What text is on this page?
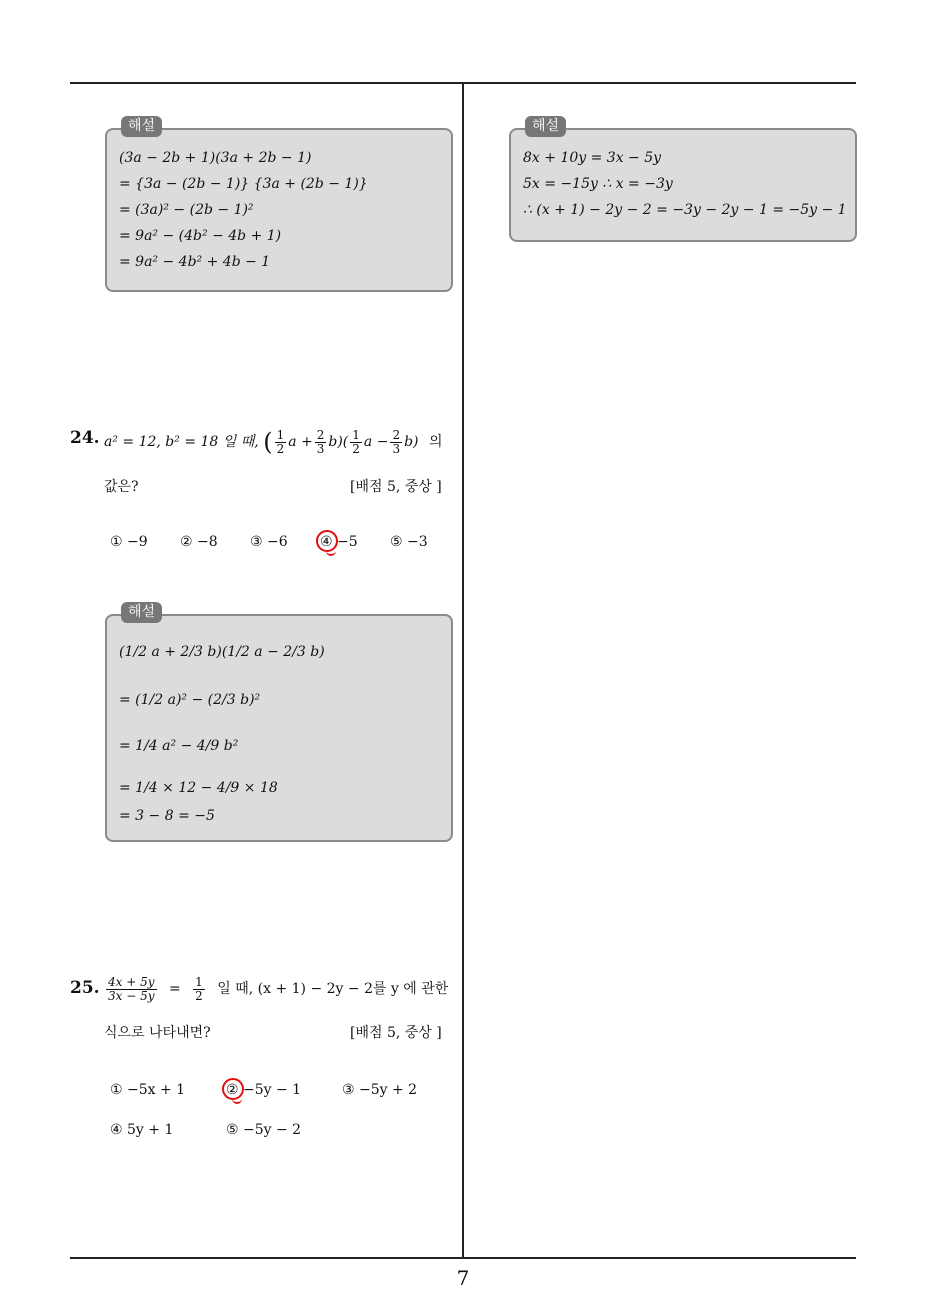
해설
(3a − 2b + 1)(3a + 2b − 1)
= {3a − (2b − 1)} {3a + (2b − 1)}
= (3a)² − (2b − 1)²
= 9a² − (4b² − 4b + 1)
= 9a² − 4b² + 4b − 1
해설
8x + 10y = 3x − 5y
5x = −15y ∴ x = −3y
∴ (x + 1) − 2y − 2 = −3y − 2y − 1 = −5y − 1
24. a² = 12, b² = 18 일 때, ( $\frac{1}{2}$ $a + \frac{2}{3} b)( \frac{1}{2}$ $a - \frac{2}{3} b$) 의
값은?	[배점 5, 중상 ]
① −9 ② −8 ③ −6 ④ −5 ⑤ −3
해설
(1/2 a + 2/3 b)(1/2 a − 2/3 b)
= (1/2 a)² − (2/3 b)²
= 1/4 a² − 4/9 b²
= 1/4 × 12 − 4/9 × 18
= 3 − 8 = −5
25. $\frac{4x + 5y}{3x - 5y} = \frac{1}{2}$ 일 때, (x + 1) − 2y − 2를 y 에 관한
식으로 나타내면?	[배점 5, 중상 ]
① −5x + 1	② −5y − 1	③ −5y + 2
④ 5y + 1	⑤ −5y − 2
7
